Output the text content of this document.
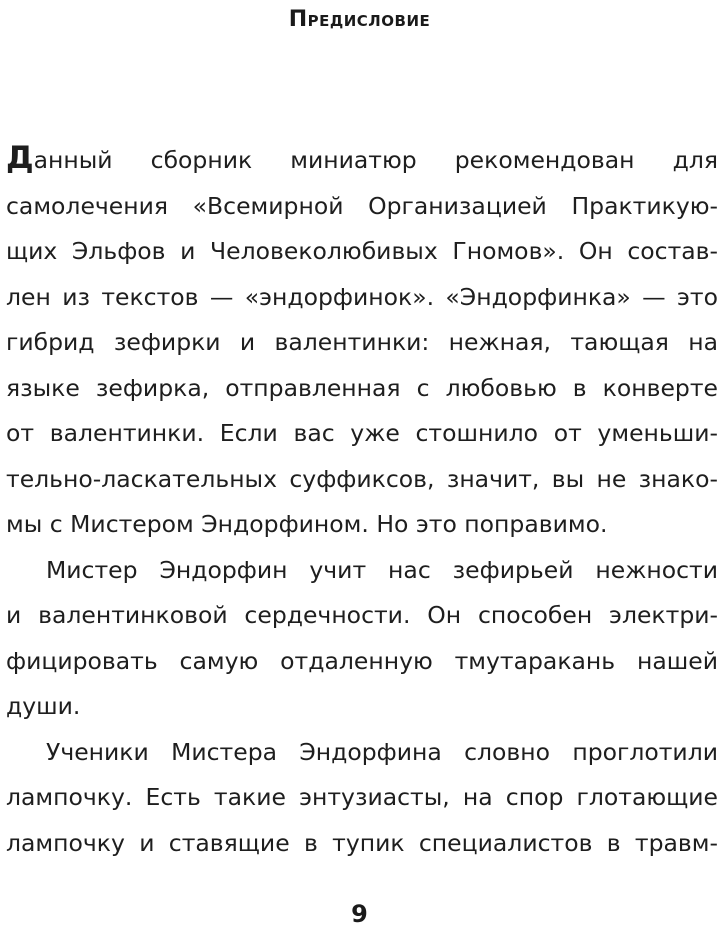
Предисловие
Данный сборник миниатюр рекомендован для
самолечения «Всемирной Организацией Практикую-
щих Эльфов и Человеколюбивых Гномов». Он состав-
лен из текстов — «эндорфинок». «Эндорфинка» — это
гибрид зефирки и валентинки: нежная, тающая на
языке зефирка, отправленная с любовью в конверте
от валентинки. Если вас уже стошнило от уменьши-
тельно-ласкательных суффиксов, значит, вы не знако-
мы с Мистером Эндорфином. Но это поправимо.
Мистер Эндорфин учит нас зефирьей нежности
и валентинковой сердечности. Он способен электри-
фицировать самую отдаленную тмутаракань нашей
души.
Ученики Мистера Эндорфина словно проглотили
лампочку. Есть такие энтузиасты, на спор глотающие
лампочку и ставящие в тупик специалистов в травм-
9
